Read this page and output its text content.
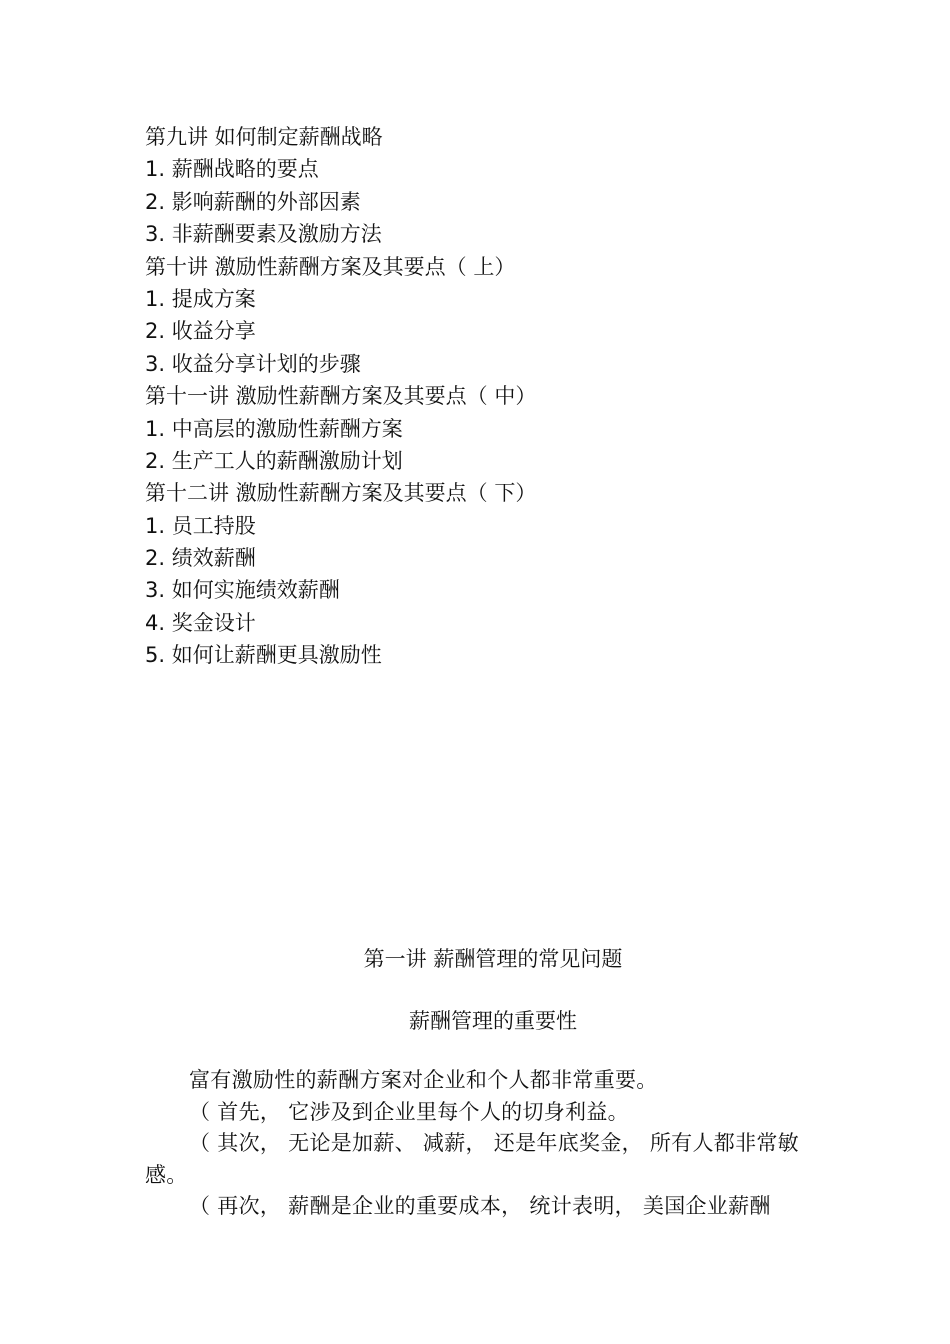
第九讲 如何制定薪酬战略
1. 薪酬战略的要点
2. 影响薪酬的外部因素
3. 非薪酬要素及激励方法
第十讲 激励性薪酬方案及其要点（ 上）
1. 提成方案
2. 收益分享
3. 收益分享计划的步骤
第十一讲 激励性薪酬方案及其要点（ 中）
1. 中高层的激励性薪酬方案
2. 生产工人的薪酬激励计划
第十二讲 激励性薪酬方案及其要点（ 下）
1. 员工持股
2. 绩效薪酬
3. 如何实施绩效薪酬
4. 奖金设计
5. 如何让薪酬更具激励性
第一讲 薪酬管理的常见问题
薪酬管理的重要性

富有激励性的薪酬方案对企业和个人都非常重要。

（ 首先， 它涉及到企业里每个人的切身利益。

（ 其次， 无论是加薪、 减薪， 还是年底奖金， 所有人都非常敏感。

（ 再次， 薪酬是企业的重要成本， 统计表明， 美国企业薪酬
